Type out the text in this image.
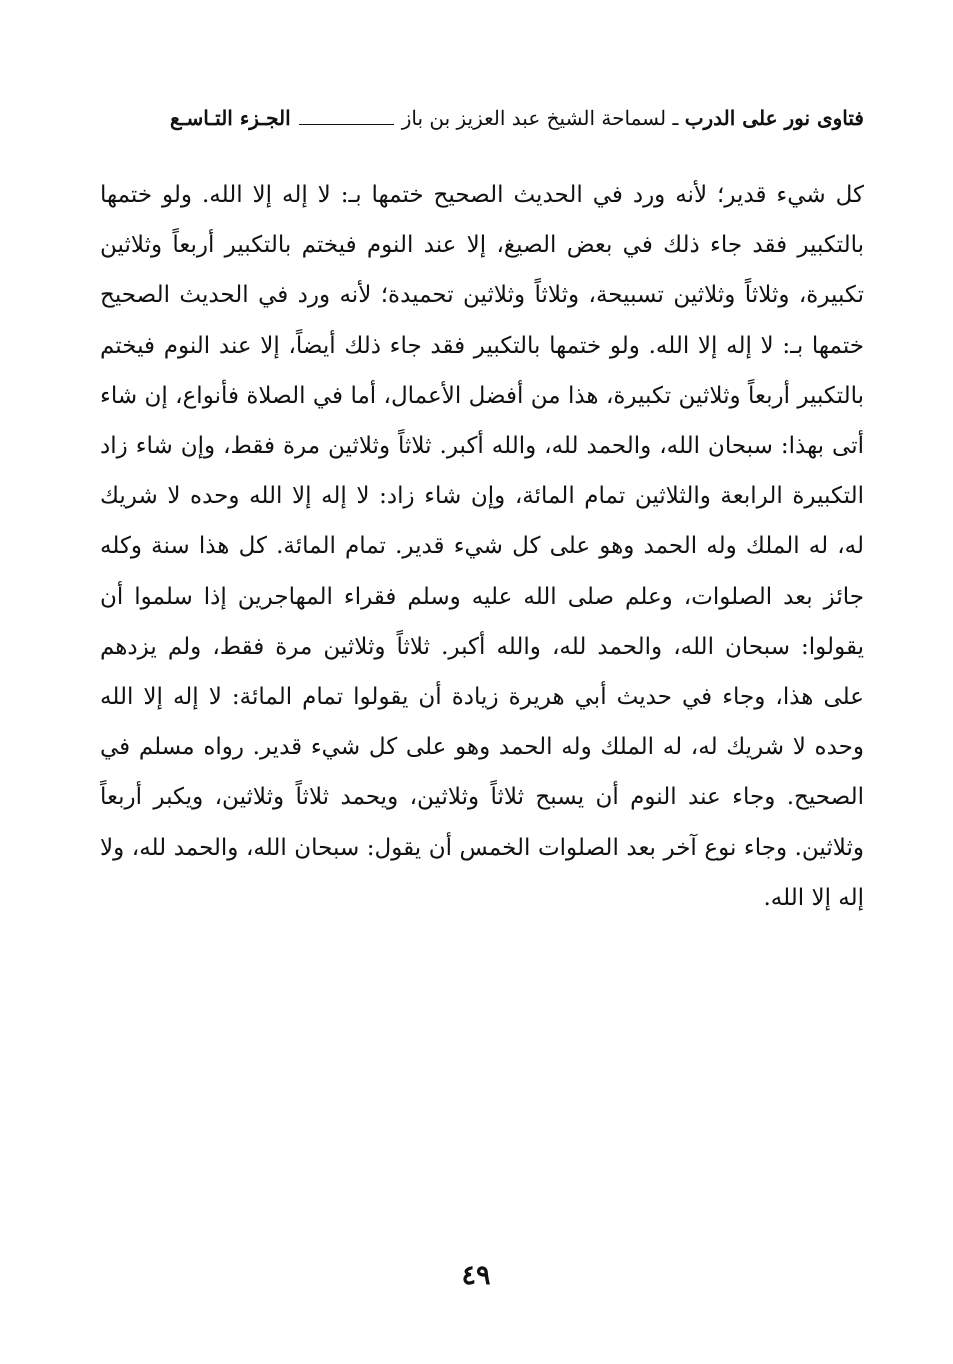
فتاوى نور على الدرب

ـ

لسماحة الشيخ عبد العزيز بن باز
الجـزء التـاسـع

كل شيء قدير؛ لأنه ورد في الحديث الصحيح ختمها بـ: لا إله إلا الله. ولو ختمها بالتكبير فقد جاء ذلك في بعض الصيغ، إلا عند النوم فيختم بالتكبير أربعاً وثلاثين تكبيرة، وثلاثاً وثلاثين تسبيحة، وثلاثاً وثلاثين تحميدة؛ لأنه ورد في الحديث الصحيح ختمها بـ: لا إله إلا الله. ولو ختمها بالتكبير فقد جاء ذلك أيضاً، إلا عند النوم فيختم بالتكبير أربعاً وثلاثين تكبيرة، هذا من أفضل الأعمال، أما في الصلاة فأنواع، إن شاء أتى بهذا: سبحان الله، والحمد لله، والله أكبر. ثلاثاً وثلاثين مرة فقط، وإن شاء زاد التكبيرة الرابعة والثلاثين تمام المائة، وإن شاء زاد: لا إله إلا الله وحده لا شريك له، له الملك وله الحمد وهو على كل شيء قدير. تمام المائة. كل هذا سنة وكله جائز بعد الصلوات، وعلم صلى الله عليه وسلم فقراء المهاجرين إذا سلموا أن يقولوا: سبحان الله، والحمد لله، والله أكبر. ثلاثاً وثلاثين مرة فقط، ولم يزدهم على هذا، وجاء في حديث أبي هريرة زيادة أن يقولوا تمام المائة: لا إله إلا الله وحده لا شريك له، له الملك وله الحمد وهو على كل شيء قدير. رواه مسلم في الصحيح. وجاء عند النوم أن يسبح ثلاثاً وثلاثين، ويحمد ثلاثاً وثلاثين، ويكبر أربعاً وثلاثين. وجاء نوع آخر بعد الصلوات الخمس أن يقول: سبحان الله، والحمد لله، ولا إله إلا الله.

٤٩
